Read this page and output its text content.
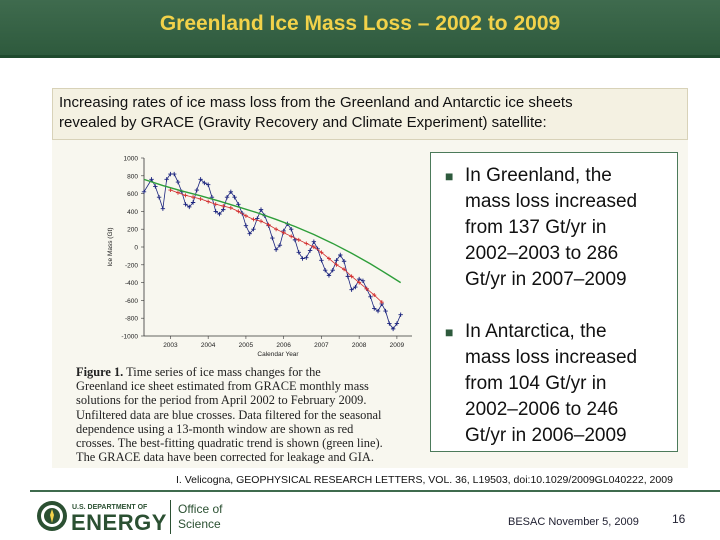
Greenland Ice Mass Loss – 2002 to 2009
Increasing rates of ice mass loss from the Greenland and Antarctic ice sheets
revealed by GRACE (Gravity Recovery and Climate Experiment) satellite:
1000
800
600
400
200
0
-200
-400
-600
-800
-1000
2003	2004	2005	2006	2007	2008	2009
Calendar Year
Ice Mass (Gt)
Figure 1. Time series of ice mass changes for the
Greenland ice sheet estimated from GRACE monthly mass
solutions for the period from April 2002 to February 2009.
Unfiltered data are blue crosses. Data filtered for the seasonal
dependence using a 13-month window are shown as red
crosses. The best-fitting quadratic trend is shown (green line).
The GRACE data have been corrected for leakage and GIA.
■ In Greenland, the
mass loss increased
from 137 Gt/yr in
2002–2003 to 286
Gt/yr in 2007–2009
■ In Antarctica, the
mass loss increased
from 104 Gt/yr in
2002–2006 to 246
Gt/yr in 2006–2009
I. Velicogna, GEOPHYSICAL RESEARCH LETTERS, VOL. 36, L19503, doi:10.1029/2009GL040222, 2009
U.S. DEPARTMENT OF
ENERGY
Office of
Science	BESAC November 5, 2009	16
